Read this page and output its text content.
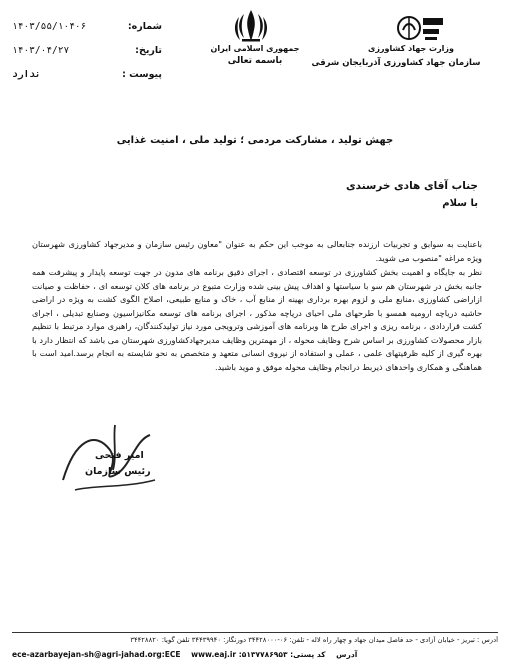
شماره:
۱۴۰۳/۵۵/۱۰۴۰۶
تاریخ:
۱۴۰۳/۰۴/۲۷
پیوست :
ندارد
جمهوری اسلامی ایران
باسمه تعالی
وزارت جهاد کشاورزی
سازمان جهاد کشاورزی آذربایجان شرقی
جهش تولید ، مشارکت مردمی ؛ تولید ملی ، امنیت غذایی
جناب آقای هادی خرسندی
با سلام

باعنایت به سوابق و تجربیات ارزنده جنابعالی به موجب این حکم به عنوان "معاون رئیس سازمان و مدیرجهاد کشاورزی شهرستان ویژه مراغه "منصوب می شوید.

نظر به جایگاه و اهمیت بخش کشاورزی در توسعه اقتصادی ، اجرای دقیق برنامه های مدون در جهت توسعه پایدار و پیشرفت همه جانبه بخش در شهرستان هم سو با سیاستها و اهداف پیش بینی شده وزارت متبوع در برنامه های کلان توسعه ای ، حفاظت و صیانت ازاراضی کشاورزی ،منابع ملی و لزوم بهره برداری بهینه از منابع آب ، خاک و منابع طبیعی، اصلاح الگوی کشت به ویژه در اراضی حاشیه دریاچه ارومیه همسو با طرحهای ملی احیای دریاچه مذکور ، اجرای برنامه های توسعه مکانیزاسیون وصنایع تبدیلی ، اجرای کشت قراردادی ، برنامه ریزی و اجرای طرح ها وبرنامه های آموزشی وترویجی مورد نیاز تولیدکنندگان، راهبری موارد مرتبط با تنظیم بازار محصولات کشاورزی بر اساس شرح وظایف محوله ، از مهمترین وظایف مدیرجهادکشاورزی شهرستان می باشد که انتظار دارد با بهره گیری از کلیه ظرفیتهای علمی ، عملی و استفاده از نیروی انسانی متعهد و متخصص به نحو شایسته به انجام برسد.امید است با هماهنگی و همکاری واحدهای ذیربط درانجام وظایف محوله موفق و موید باشید.

امیر فتحی
رئیس سازمان
آدرس : تبریز - خیابان آزادی - حد فاصل میدان جهاد و چهار راه لاله - تلفن: ۰۶-۳۴۴۲۸۰۰۰ دورنگار: ۳۴۴۳۹۹۴۰ تلفن گویا: ۳۴۴۲۸۸۲۰
ece-azarbayejan-sh@agri-jahad.org:ECE www.eaj.ir :آدرس کد پستی: ۵۱۳۷۷۸۶۹۵۳
